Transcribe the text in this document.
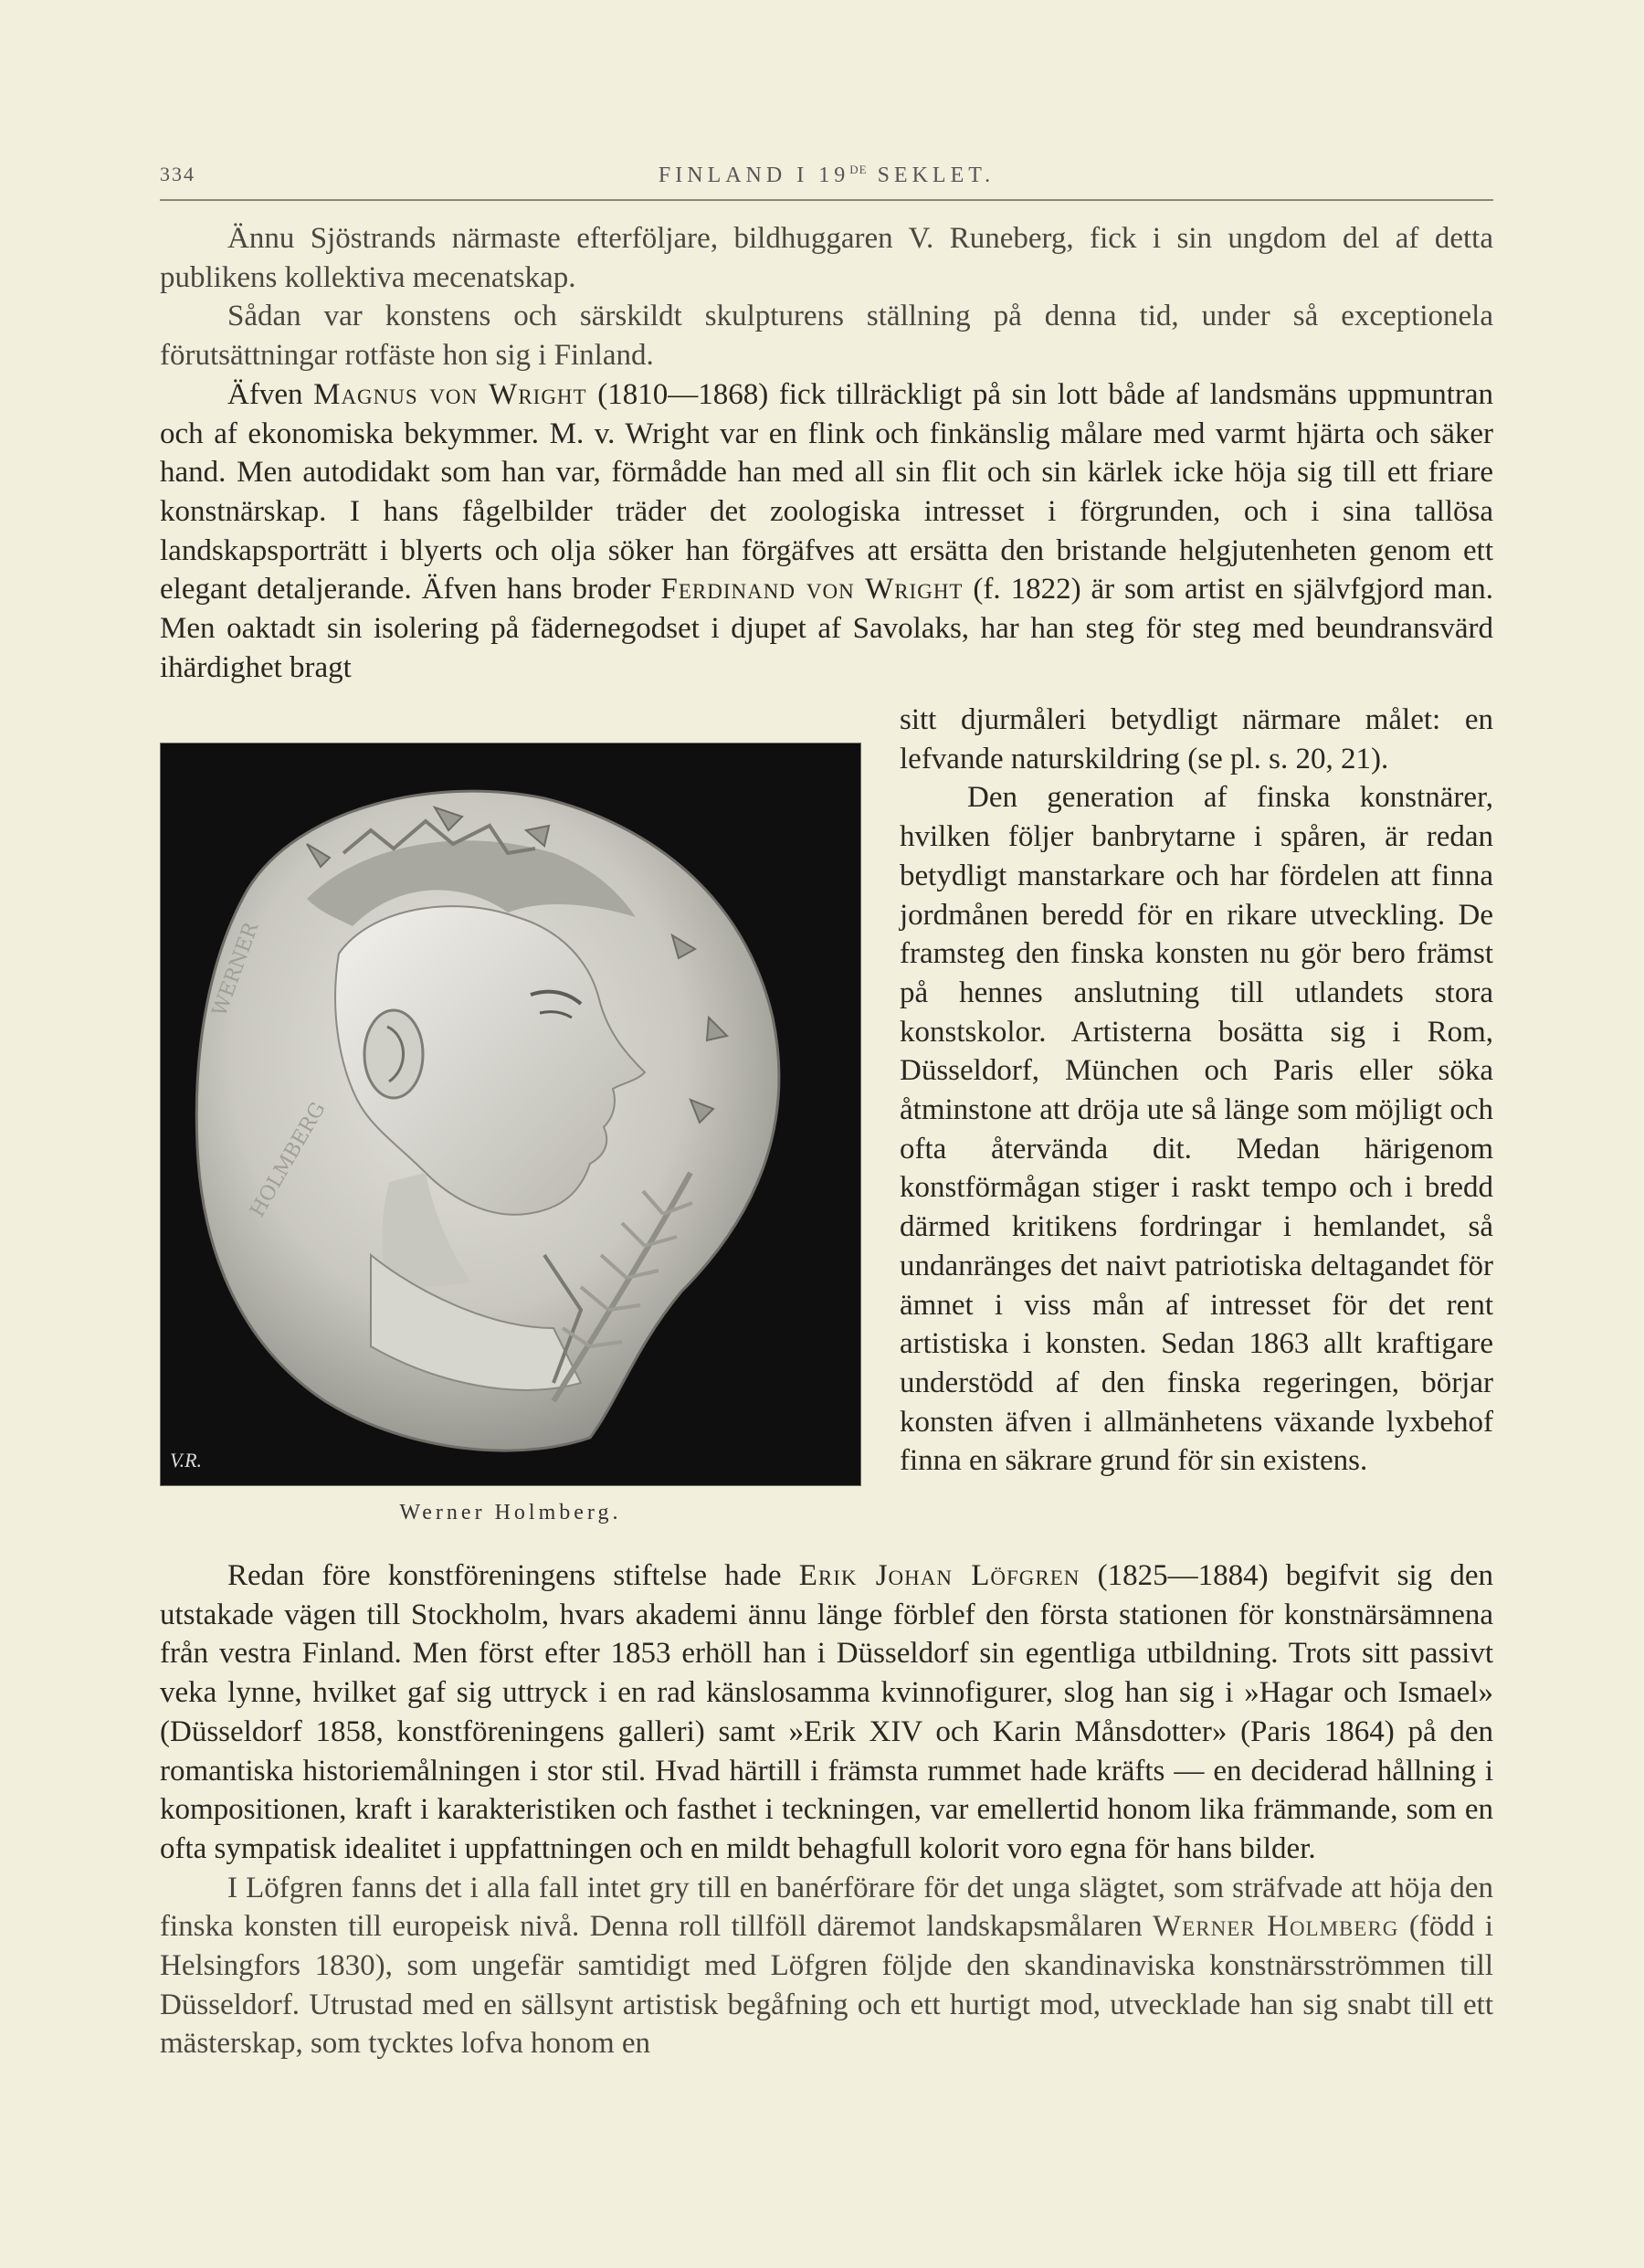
334	FINLAND I 19DE SEKLET.

Ännu Sjöstrands närmaste efterföljare, bildhuggaren V. Runeberg, fick i sin ungdom del af detta publikens kollektiva mecenatskap.

Sådan var konstens och särskildt skulpturens ställning på denna tid, under så exceptionela förutsättningar rotfäste hon sig i Finland.

Äfven Magnus von Wright (1810—1868) fick tillräckligt på sin lott både af landsmäns uppmuntran och af ekonomiska bekymmer. M. v. Wright var en flink och finkänslig målare med varmt hjärta och säker hand. Men autodidakt som han var, förmådde han med all sin flit och sin kärlek icke höja sig till ett friare konstnärskap. I hans fågelbilder träder det zoologiska intresset i förgrunden, och i sina tallösa landskapsporträtt i blyerts och olja söker han förgäfves att ersätta den bristande helgjutenheten genom ett elegant detaljerande. Äfven hans broder Ferdinand von Wright (f. 1822) är som artist en självfgjord man. Men oaktadt sin isolering på fädernegodset i djupet af Savolaks, har han steg för steg med beundransvärd ihärdighet bragt

WERNER
HOLMBERG
V.R.
Werner Holmberg.

sitt djurmåleri betydligt närmare målet: en lefvande naturskildring (se pl. s. 20, 21).

Den generation af finska konstnärer, hvilken följer banbrytarne i spåren, är redan betydligt manstarkare och har fördelen att finna jordmånen beredd för en rikare utveckling. De framsteg den finska konsten nu gör bero främst på hennes anslutning till utlandets stora konstskolor. Artisterna bosätta sig i Rom, Düsseldorf, München och Paris eller söka åtminstone att dröja ute så länge som möjligt och ofta återvända dit. Medan härigenom konstförmågan stiger i raskt tempo och i bredd därmed kritikens fordringar i hemlandet, så undanränges det naivt patriotiska deltagandet för ämnet i viss mån af intresset för det rent artistiska i konsten. Sedan 1863 allt kraftigare understödd af den finska regeringen, börjar konsten äfven i allmänhetens växande lyxbehof finna en säkrare grund för sin existens.

Redan före konstföreningens stiftelse hade Erik Johan Löfgren (1825—1884) begifvit sig den utstakade vägen till Stockholm, hvars akademi ännu länge förblef den första stationen för konstnärsämnena från vestra Finland. Men först efter 1853 erhöll han i Düsseldorf sin egentliga utbildning. Trots sitt passivt veka lynne, hvilket gaf sig uttryck i en rad känslosamma kvinnofigurer, slog han sig i »Hagar och Ismael» (Düsseldorf 1858, konstföreningens galleri) samt »Erik XIV och Karin Månsdotter» (Paris 1864) på den romantiska historiemålningen i stor stil. Hvad härtill i främsta rummet hade kräfts — en deciderad hållning i kompositionen, kraft i karakteristiken och fasthet i teckningen, var emellertid honom lika främmande, som en ofta sympatisk idealitet i uppfattningen och en mildt behagfull kolorit voro egna för hans bilder.

I Löfgren fanns det i alla fall intet gry till en banérförare för det unga slägtet, som sträfvade att höja den finska konsten till europeisk nivå. Denna roll tillföll däremot landskapsmålaren Werner Holmberg (född i Helsingfors 1830), som ungefär samtidigt med Löfgren följde den skandinaviska konstnärsströmmen till Düsseldorf. Utrustad med en sällsynt artistisk begåfning och ett hurtigt mod, utvecklade han sig snabt till ett mästerskap, som tycktes lofva honom en
